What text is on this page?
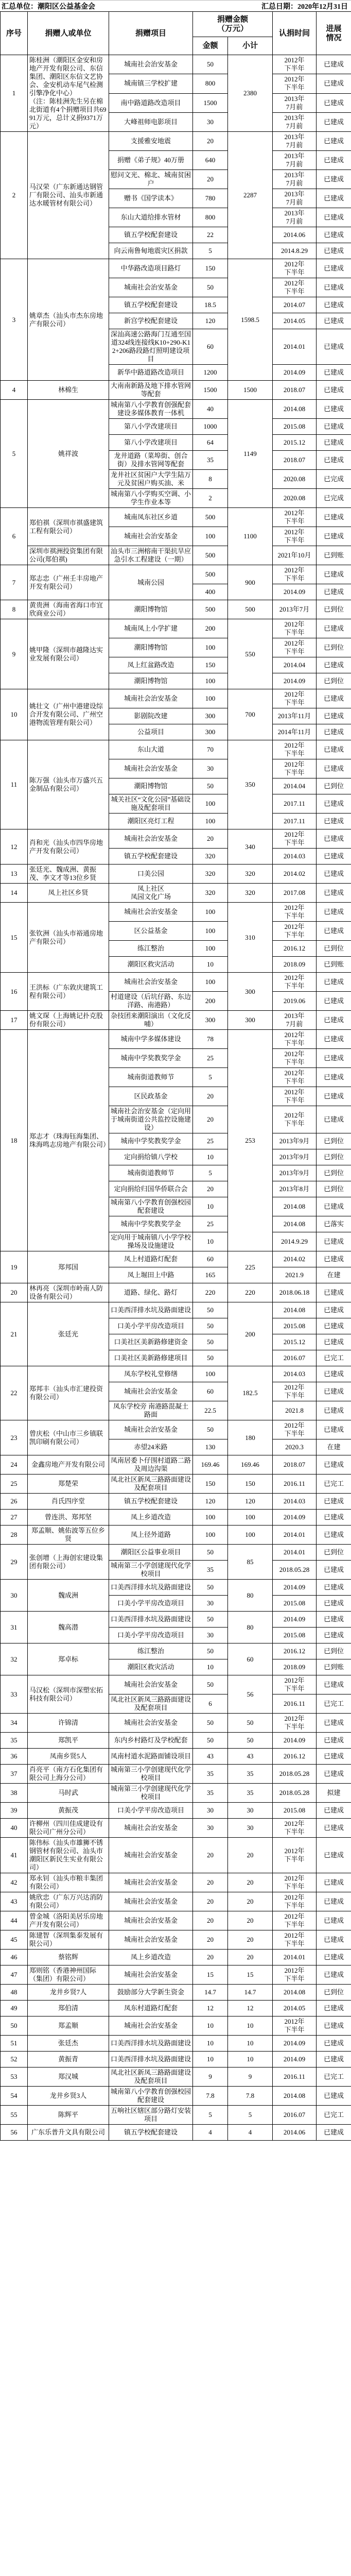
汇总单位：潮阳区公益基金会	汇总日期：2020年12月31日
序号	捐赠人或单位	捐赠项目	捐赠金额
（万元）		认捐时间	进展
情况
			金额	小计		
1	陈桂洲（潮阳区金安和房地产开发有限公司、东信集团、潮阳区东信文艺协会、金安机动车尾气检测引擎净化中心）
（注：陈桂洲先生另在棉北街道有4个捐赠项目共6991万元，总计义捐9371万元）	城南社会治安基金	50	2380	2012年
下半年	已建成
		城南镇三学校扩建	800		2012年
下半年	已建成
		南中路道路改造项目	1500		2013年
7月前	已建成
		大峰祖师电影项目	30		2013年
7月前	已建成
2	马汉荣（广东新通达钢管厂有限公司、汕头市新通达水暖管材有限公司）	支援雅安地震	20	2287	2013年
7月前	已建成
		捐赠《弟子规》40万册	640		2013年
7月前	已建成
		慰问文光、棉北、城南贫困户	20		2013年
7月前	已建成
		赠书《国学读本》	780		2013年
7月前	已建成
		东山大道给排水管材	800		2013年
7月前	已建成
		镇五学校配套建设	22		2014.06	已建成
		向云南鲁甸地震灾区捐款	5		2014.8.29	已建成
3	姚章杰（汕头市杰东房地产有限公司）	中华路改造项目路灯	150	1598.5	2012年
下半年	已建成
		城南社会治安基金	50		2012年
下半年	已建成
		镇五学校配套建设	18.5		2014.07	已建成
		新宫学校配套建设	120		2014.05	已建成
		深汕高速公路海门互通至国道324线连接线K10+290-K12+206路段路灯照明建设项目	60		2014.01	已建成
		新华中路道路改造项目	1200		2014.09	已建成
4	林棉生	大南南新路及地下排水管网等配套	1500	1500	2018.07	已建成
5	姚祥波	城南第八小学教育创强配套建设多媒体教育一体机	40	1149	2014.08	已建成
		第八小学改建项目	1000		2015.08	已建成
		第八小学改建项目	64		2015.12	已建成
		龙井道路（菜埠街、创合街）及排水管网等配套	35		2018.07	已建成
		龙井社区贫困户大学生陆万元及贫困户购买油、米	8		2020.08	已完成
		城南第八小学购买空调、小学生作业本等	2		2020.08	已完成
6	郑伯祺（深圳市祺盛建筑工程有限公司）	城南凤东社区乡道	500	1100	2012年
下半年	已建成
		城南社会治安基金	100		2012年
下半年	已建成
	深圳市祺洲投资集团有限公司(郑伯祺)	汕头市三洲榕南干渠抗旱应急引水工程建设（一期）	500		2021年10月	已到账
7	郑志忠（广州壬丰房地产开发有限公司）	城南公园	500	900	2012年
下半年	已建成
			400		2014.09	已建成
8	黄贵洲（海南省海口市宜欣商业公司）	潮阳博物馆	500	500	2013年7月	已到位
9	姚甲隆（深圳市越隆达实业发展有限公司）	城南凤上小学扩建	200	550	2012年
下半年	已建成
		潮阳博物馆	100		2012年
下半年	已到位
		凤上红盆路改造	150		2014.04	已建成
		潮阳博物馆	100		2014.09	已到位
10	姚壮文（广州中港建设综合开发有限公司、广州空港物流管理有限公司）	城南社会治安基金	100	700	2012年
下半年	已建成
		影剧院改建	300		2013年11月	已建成
		公益项目	300		2014年11月	已建成
11	陈万强（汕头市万盛兴五金制品有限公司）	东山大道	70	350	2012年
下半年	已建成
		城南社会治安基金	30		2012年
下半年	已建成
		潮阳博物馆	50		2014.04	已到位
		城关社区“文化公园”基础设施及配套项目	100		2017.11	已建成
		潮阳区亮灯工程	100		2017.11	已建成
12	肖和光（汕头市四华房地产开发有限公司）	城南社会治安基金	20	340	2012年
下半年	已建成
		镇五学校配套建设	320		2014.03	已建成
13	张廷光、魏成洲、黄振茂、李文才等13位乡贤	口美公园	320	320	2014.02	已建成
14	凤上社区乡贤	凤上社区
凤园文化广场	320	320	2017.08	已建成
15	张钦洲（汕头市裕通房地产有限公司）	城南社会治安基金	100	310	2012年
下半年	已建成
		区公益基金	100		2012年
下半年	已建成
		练江整治	100		2016.12	已到位
		潮阳区救灾活动	10		2018.09	已到账
16	王洪标（广东敦庆建筑工程有限公司）	城南社会治安基金	100	300	2012年
下半年	已建成
		村道建设（后坑仔路、东边洋路、南港路）	200		2019.06	已建成
17	姚文琛（上海姚记扑克股份有限公司）	杂技团来潮阳演出（文化反哺）	300	300	2013年
7月前	已建成
18	郑志才（珠海钰海集团、珠海鸣志房地产有限公司）	城南中学多媒体建设	78	253	2012年
下半年	已建成
		城南中学奖教奖学金	25		2012年
下半年	已建成
		城南街道教师节	5		2012年
下半年	已建成
		区民政基金	20		2012年
下半年	已建成
		城南社会治安基金（定向用于城南街道公共监控设施建设）	20		2012年
下半年	已建成
		城南中学奖教奖学金	25		2013年9月	已到位
		定向捐给镇八学校	10		2013年9月	已到位
		城南街道教师节	5		2013年9月	已到位
		定向捐给归国华侨联合会	20		2013年8月	已到位
		城南第八小学教育创强校园配套建设	10		2014.08	已建成
		城南中学奖教奖学金	25		2014.08	已落实
		定向用于城南镇八小学学校操场及设施建设	10		2014.9.29	已建成
19	郑邦国	凤上村道路灯配套	60	225	2014.02	已建成
		凤上堀田上中路	165		2021.9	在建
20	林再亮（深圳市岭南人防设备有限公司）	道路、绿化、路灯	220	220	2018.06.18	已建成
21	张廷光	口美西洋排水坑及路面建设	50	200	2014.08	已建成
		口美小学平房改造项目	50		2015.08	已建成
		口美社区美新路修建资金	50		2015.12	已建成
		口美社区美新路修建项目	50		2016.07	已完工
22	郑邦丰（汕头市汇建投资有限公司）	凤东学校礼堂修缮	100	182.5	2014.03	已建成
		城南社会治安基金	60		2012年
下半年	已建成
		凤东学校旁 南港路混凝土路面	22.5		2021.8	已建成
23	曾庆松（中山市三乡镇联凯印刷有限公司）	城南社会治安基金	50	180	2012年
下半年	已建成
		赤望24米路	130		2020.3	在建
24	金鑫房地产开发有限公司	凤南居委卜仔围村道路二路及周边沟渠	169.46	169.46	2018.07	已建成
25	郑楚荣	凤北社区新凤三路路面建设及配套项目	150	150	2016.11	已完工
26	肖氏四序堂	镇五学校配套建设	120	120	2014.03	已建成
27	曾连洪、郑邦坚	凤上乡道改造	100	100	2014.09	已建成
28	郑孟顺、姚佑波等五位乡贤	凤上径外道路	100	100	2014.01	已建成
29	张创增（上海创宏建设集团有限公司）	潮阳区公益事业项目	50	85	2014.01	已到位
		城南第三小学创建现代化学校项目	35		2018.05.28	已建成
30	魏成洲	口美西洋排水坑及路面建设	50	80	2014.09	已建成
		口美小学平房改造项目	30		2015.08	已建成
31	魏高潜	口美西洋排水坑及路面建设	50	80	2014.09	已建成
		口美小学平房改造项目	30		2015.08	已建成
32	郑卓标	练江整治	50	60	2016.12	已到位
		潮阳区救灾活动	10		2018.09	已到账
33	马汉松（深圳市深塑宏拓科技有限公司）	城南社会治安基金	50	56	2012年
下半年	已建成
		凤北社区新凤三路路面建设及配套项目	6		2016.11	已完工
34	许锦清	城南社会治安基金	50	50	2012年
下半年	已建成
35	郑凯平	东内乡村路灯及学校配套	50	50	2014.09	已建成
36	凤南乡贤5人	凤南村道水泥路面铺设项目	43	43	2016.12	已建成
37	肖亮平（南方石化集团有限公司上海分公司）	城南第三小学创建现代化学校项目	35	35	2018.05.28	已建成
38	马时武	城南第三小学创建现代化学校项目	35	35	2018.05.28	拟建
39	黄振茂	口美小学平房改造项目	30	30	2015.08	已建成
40	许柳州（四川佳成建设有限公司广州分公司）	城南社会治安基金	30	30	2012年
下半年	已建成
41	陈伟标（汕头市雄狮不锈钢管材有限公司、汕头市潮阳区新民生实业有限公司）	城南社会治安基金	20	20	2012年
下半年	已建成
42	郑永钊（汕头市粮丰集团有限公司）	城南社会治安基金	20	20	2012年
下半年	已建成
43	姚欣忠（广东万兴达消防有限公司）	城南社会治安基金	20	20	2012年
下半年	已建成
44	曾金城（洛阳美居乐房地产开发有限公司）	城南社会治安基金	20	20	2012年
下半年	已建成
45	陈建智（深圳集泰发展有限公司）	城南社会治安基金	20	20	2012年
下半年	已建成
46	蔡铭辉	凤上乡道改造	20	20	2014.01	已建成
47	郑则铭（香港神州国际（集团）有限公司）	城南社会治安基金	15	15	2012年
下半年	已建成
48	龙井乡贤7人	鼓励部分大学新生资金	14.7	14.7	2014.08	已到位
49	郑伯清	凤东村道路灯配套	12	12	2014.05	已建成
50	郑孟顺	城南社会治安基金	10	10	2012年
下半年	已建成
51	张廷杰	口美西洋排水坑及路面建设	10	10	2014.09	已建成
52	黄振青	口美西洋排水坑及路面建设	10	10	2014.09	已建成
53	郑汉城	凤北社区新凤三路路面建设及配套项目	9	9	2016.11	已完工
54	龙井乡贤3人	城南第八小学教育创强校园配套建设	7.8	7.8	2014.08	已建成
55	陈辉平	五响社区辖区部分路灯安装项目	5	5	2016.07	已完工
56	广东乐普升文具有限公司	镇五学校配套建设	4	4	2014.06	已建成
